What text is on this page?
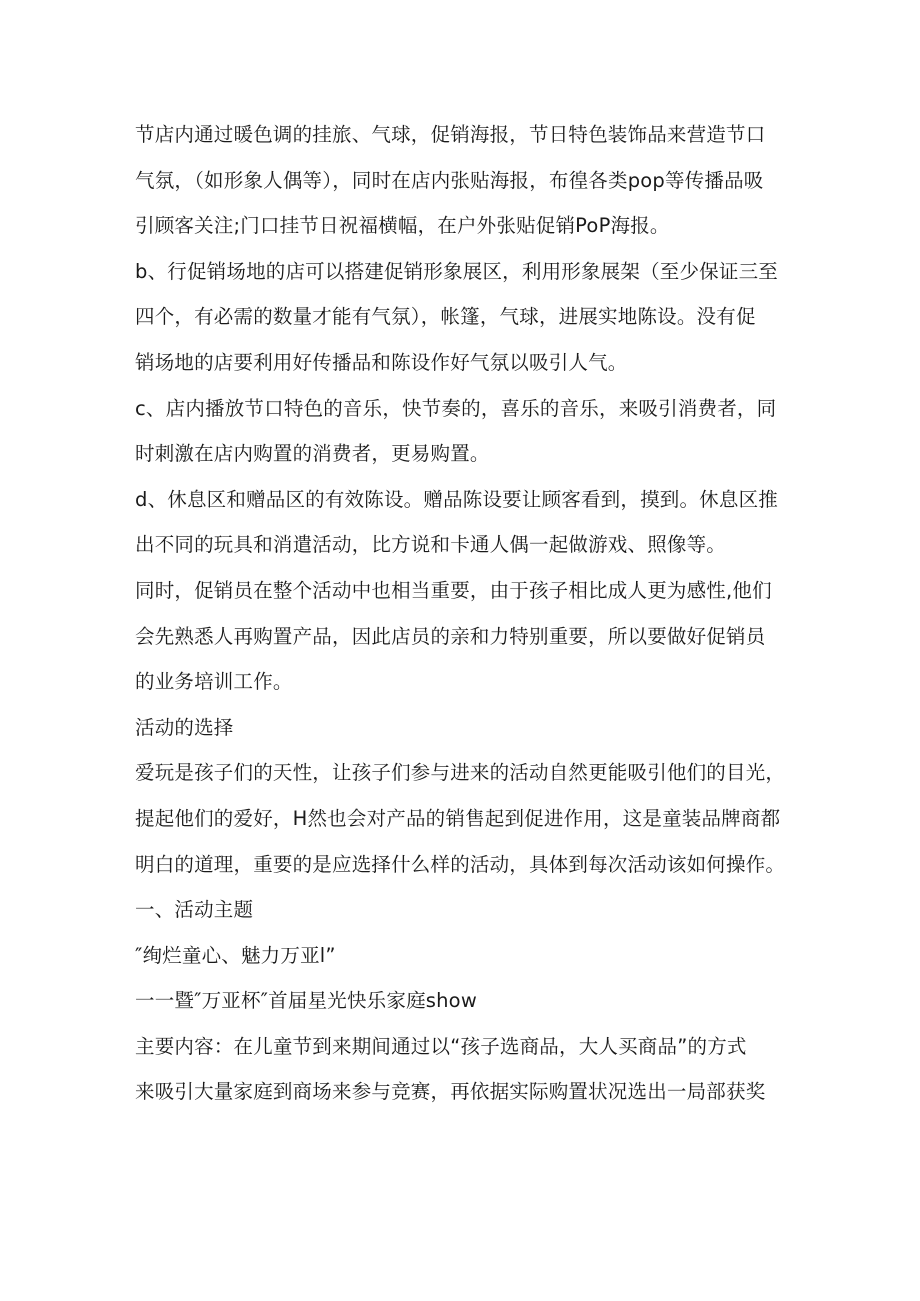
节店内通过暖色调的挂旅、气球，促销海报，节日特色装饰品来营造节口
气氛，（如形象人偶等），同时在店内张贴海报，布徨各类pop等传播品吸
引顾客关注;门口挂节日祝福横幅，在户外张贴促销PoP海报。
b、行促销场地的店可以搭建促销形象展区，利用形象展架（至少保证三至
四个，有必需的数量才能有气氛），帐篷，气球，进展实地陈设。没有促
销场地的店要利用好传播品和陈设作好气氛以吸引人气。
c、店内播放节口特色的音乐，快节奏的，喜乐的音乐，来吸引消费者，同
时刺激在店内购置的消费者，更易购置。
d、休息区和赠品区的有效陈设。赠品陈设要让顾客看到，摸到。休息区推
出不同的玩具和消遣活动，比方说和卡通人偶一起做游戏、照像等。
同时，促销员在整个活动中也相当重要，由于孩子相比成人更为感性,他们
会先熟悉人再购置产品，因此店员的亲和力特别重要，所以要做好促销员
的业务培训工作。
活动的选择
爱玩是孩子们的天性，让孩子们参与进来的活动自然更能吸引他们的目光，
提起他们的爱好，H然也会对产品的销售起到促进作用，这是童装品牌商都
明白的道理，重要的是应选择什么样的活动，具体到每次活动该如何操作。
一、活动主题
″绚烂童心、魅力万亚l”
一一暨″万亚杯″首届星光快乐家庭show
主要内容：在儿童节到来期间通过以“孩子选商品，大人买商品”的方式
来吸引大量家庭到商场来参与竞赛，再依据实际购置状况选出一局部获奖
